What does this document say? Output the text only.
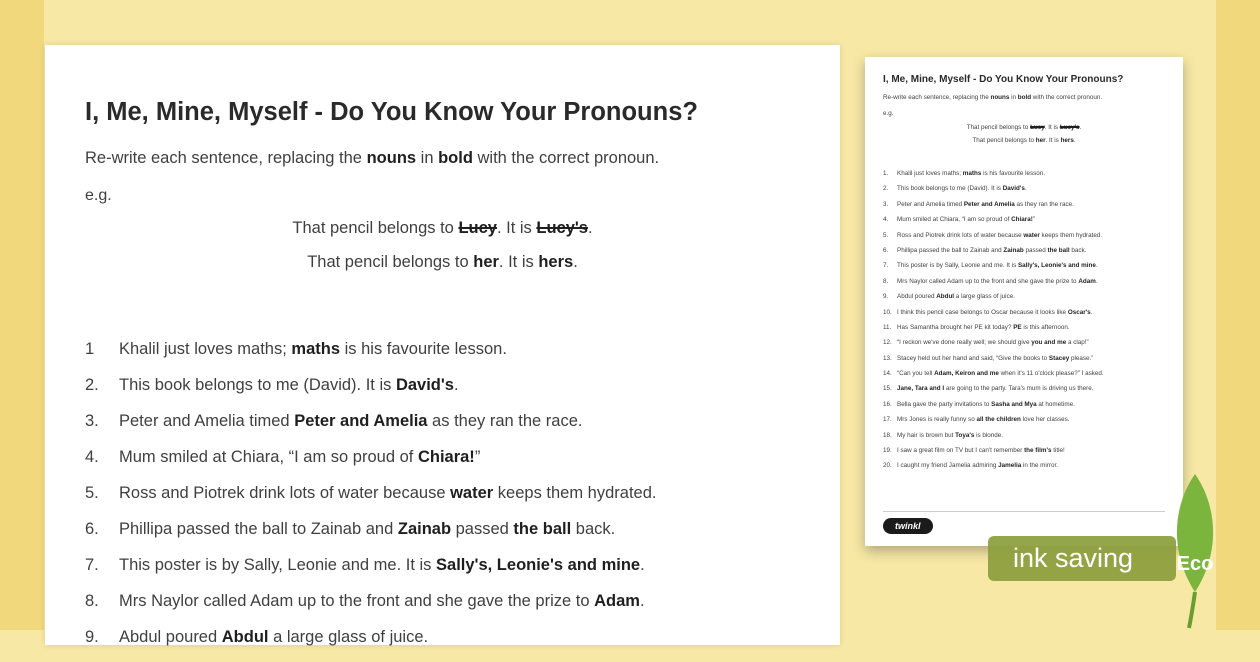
I, Me, Mine, Myself - Do You Know Your Pronouns?

Re-write each sentence, replacing the nouns in bold with the correct pronoun.

e.g.

That pencil belongs to Lucy. It is Lucy's.

That pencil belongs to her. It is hers.

1	Khalil just loves maths; maths is his favourite lesson.
2.	This book belongs to me (David). It is David's.
3.	Peter and Amelia timed Peter and Amelia as they ran the race.
4.	Mum smiled at Chiara, “I am so proud of Chiara!”
5.	Ross and Piotrek drink lots of water because water keeps them hydrated.
6.	Phillipa passed the ball to Zainab and Zainab passed the ball back.
7.	This poster is by Sally, Leonie and me. It is Sally's, Leonie's and mine.
8.	Mrs Naylor called Adam up to the front and she gave the prize to Adam.
9.	Abdul poured Abdul a large glass of juice.
I, Me, Mine, Myself - Do You Know Your Pronouns?

Re-write each sentence, replacing the nouns in bold with the correct pronoun.

e.g.

That pencil belongs to Lucy. It is Lucy's.

That pencil belongs to her. It is hers.

1.	Khalil just loves maths; maths is his favourite lesson.
2.	This book belongs to me (David). It is David's.
3.	Peter and Amelia timed Peter and Amelia as they ran the race.
4.	Mum smiled at Chiara, “I am so proud of Chiara!”
5.	Ross and Piotrek drink lots of water because water keeps them hydrated.
6.	Phillipa passed the ball to Zainab and Zainab passed the ball back.
7.	This poster is by Sally, Leonie and me. It is Sally's, Leonie's and mine.
8.	Mrs Naylor called Adam up to the front and she gave the prize to Adam.
9.	Abdul poured Abdul a large glass of juice.
10. I think this pencil case belongs to Oscar because it looks like Oscar's.
11. Has Samantha brought her PE kit today? PE is this afternoon.
12. “I reckon we've done really well; we should give you and me a clap!”
13. Stacey held out her hand and said, “Give the books to Stacey please.”
14. “Can you tell Adam, Keiron and me when it's 11 o'clock please?” I asked.
15. Jane, Tara and I are going to the party. Tara's mum is driving us there.
16. Bella gave the party invitations to Sasha and Mya at hometime.
17. Mrs Jones is really funny so all the children love her classes.
18. My hair is brown but Toya's is blonde.
19. I saw a great film on TV but I can't remember the film's title!
20. I caught my friend Jamelia admiring Jamelia in the mirror.
twinkl
ink saving Eco
